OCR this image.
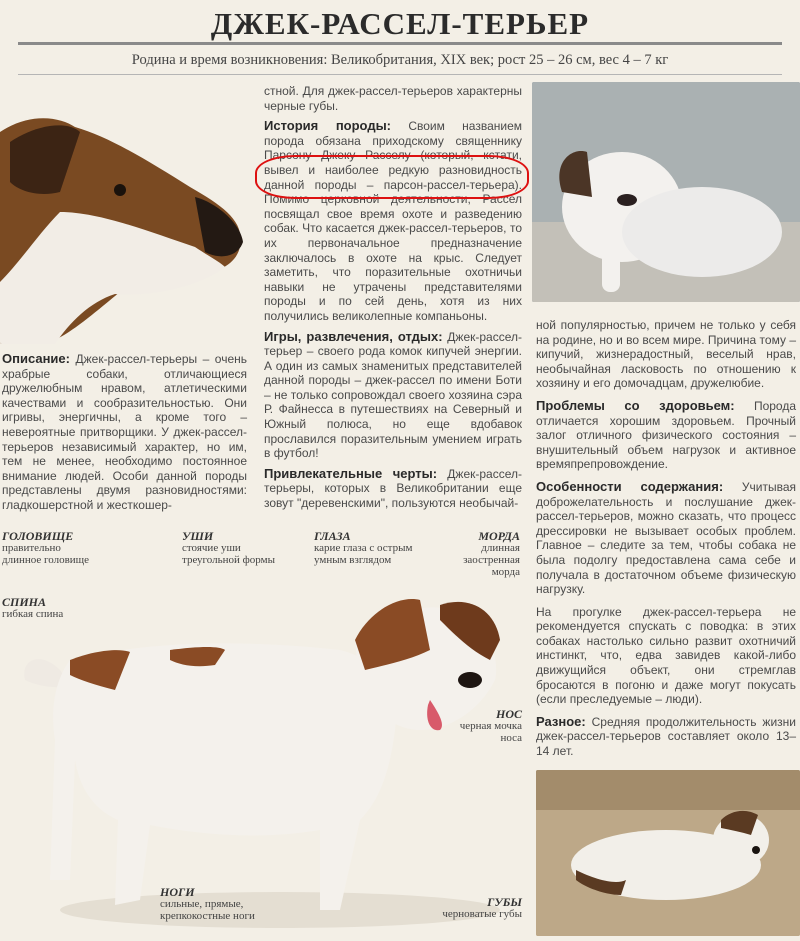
ДЖЕК-РАССЕЛ-ТЕРЬЕР
Родина и время возникновения: Великобритания, XIX век; рост 25 – 26 см, вес 4 – 7 кг
стной. Для джек-рассел-терьеров характерны черные губы.
История породы: Своим названием порода обязана приходскому священнику Парсону Джеку Расселу (который, кстати, вывел и наиболее редкую разновидность данной породы – парсон-рассел-терьера). Помимо церковной деятельности, Рассел посвящал свое время охоте и разведению собак. Что касается джек-рассел-терьеров, то их первоначальное предназначение заключалось в охоте на крыс. Следует заметить, что поразительные охотничьи навыки не утрачены представителями породы и по сей день, хотя из них получились великолепные компаньоны.
Игры, развлечения, отдых: Джек-рассел-терьер – своего рода комок кипучей энергии. А один из самых знаменитых представителей данной породы – джек-рассел по имени Боти – не только сопровождал своего хозяина сэра Р. Файнесса в путешествиях на Северный и Южный полюса, но еще вдобавок прославился поразительным умением играть в футбол!
Привлекательные черты: Джек-рассел-терьеры, которых в Великобритании еще зовут "деревенскими", пользуются необычай-
Описание: Джек-рассел-терьеры – очень храбрые собаки, отличающиеся дружелюбным нравом, атлетическими качествами и сообразительностью. Они игривы, энергичны, а кроме того – невероятные притворщики. У джек-рассел-терьеров независимый характер, но им, тем не менее, необходимо постоянное внимание людей. Особи данной породы представлены двумя разновидностями: гладкошерстной и жесткошер-
ной популярностью, причем не только у себя на родине, но и во всем мире. Причина тому – кипучий, жизнерадостный, веселый нрав, необычайная ласковость по отношению к хозяину и его домочадцам, дружелюбие.
Проблемы со здоровьем: Порода отличается хорошим здоровьем. Прочный залог отличного физического состояния – внушительный объем нагрузок и активное времяпрепровождение.
Особенности содержания: Учитывая доброжелательность и послушание джек-рассел-терьеров, можно сказать, что процесс дрессировки не вызывает особых проблем. Главное – следите за тем, чтобы собака не была подолгу предоставлена сама себе и получала в достаточном объеме физическую нагрузку.
На прогулке джек-рассел-терьера не рекомендуется спускать с поводка: в этих собаках настолько сильно развит охотничий инстинкт, что, едва завидев какой-либо движущийся объект, они стремглав бросаются в погоню и даже могут покусать (если преследуемые – люди).
Разное: Средняя продолжительность жизни джек-рассел-терьеров составляет около 13–14 лет.
ГОЛОВИЩЕ
правительно длинное головище
УШИ
стоячие уши треугольной формы
ГЛАЗА
карие глаза с острым умным взглядом
МОРДА
длинная заостренная морда
СПИНА
гибкая спина
НОС
черная мочка носа
НОГИ
сильные, прямые, крепкокостные ноги
ГУБЫ
черноватые губы
